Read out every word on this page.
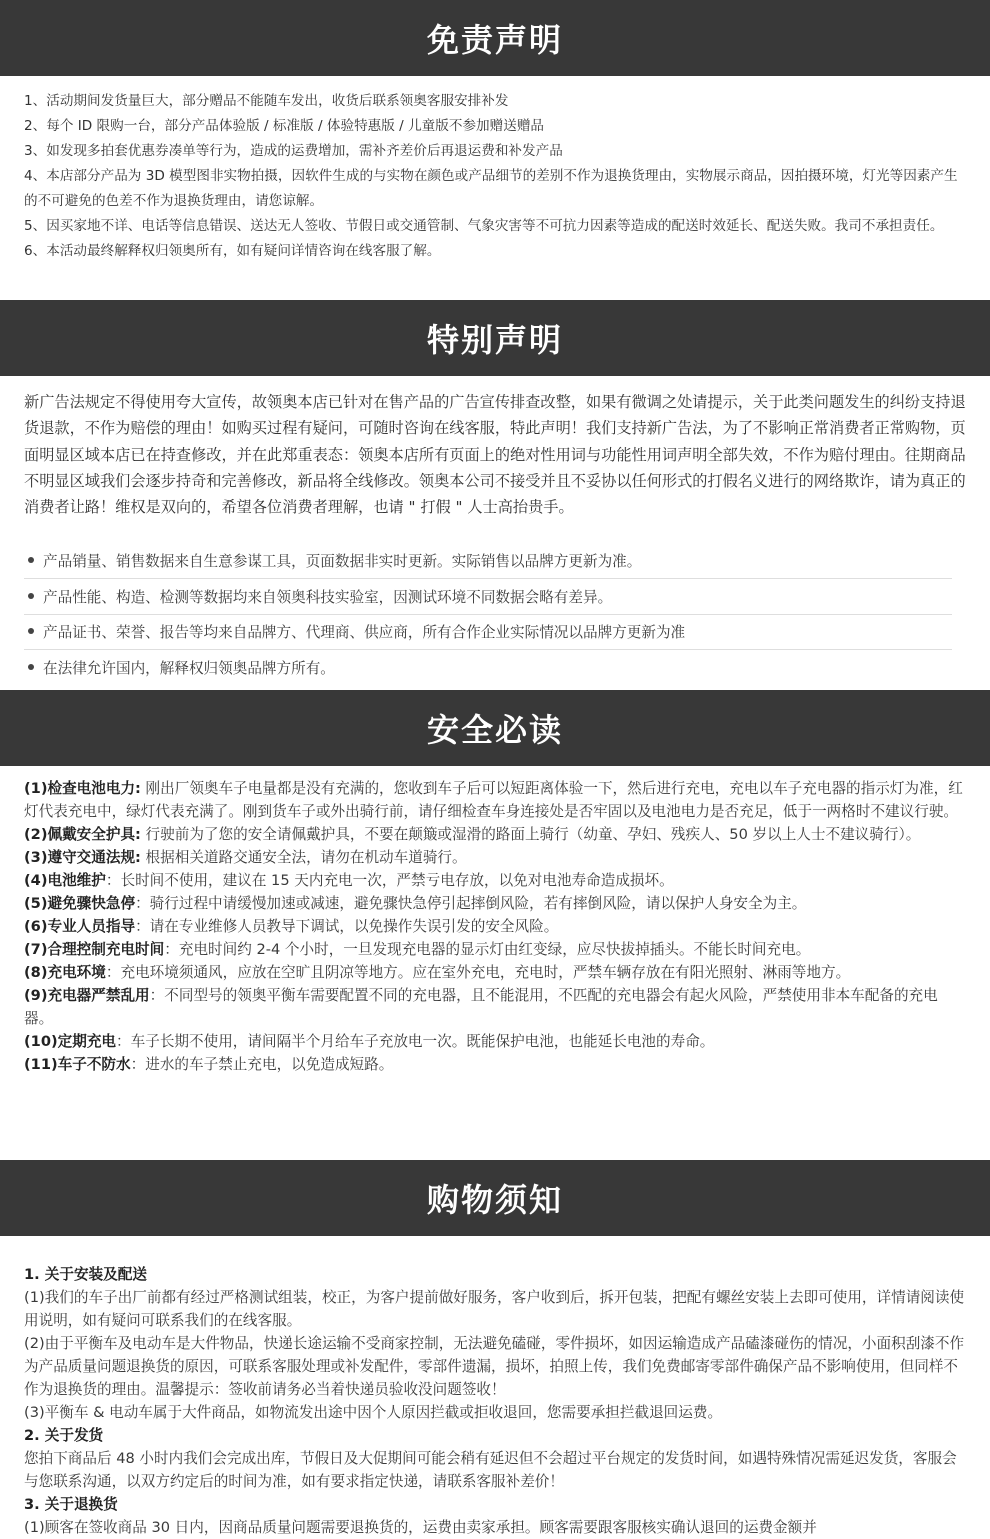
免责声明

1、活动期间发货量巨大，部分赠品不能随车发出，收货后联系领奥客服安排补发

2、每个 ID 限购一台，部分产品体验版 / 标准版 / 体验特惠版 / 儿童版不参加赠送赠品

3、如发现多拍套优惠券凑单等行为，造成的运费增加，需补齐差价后再退运费和补发产品

4、本店部分产品为 3D 模型图非实物拍摄，因软件生成的与实物在颜色或产品细节的差别不作为退换货理由，实物展示商品，因拍摄环境，灯光等因素产生的不可避免的色差不作为退换货理由，请您谅解。

5、因买家地不详、电话等信息错误、送达无人签收、节假日或交通管制、气象灾害等不可抗力因素等造成的配送时效延长、配送失败。我司不承担责任。

6、本活动最终解释权归领奥所有，如有疑问详情咨询在线客服了解。

特别声明

新广告法规定不得使用夸大宣传，故领奥本店已针对在售产品的广告宣传排查改整，如果有微调之处请提示，关于此类问题发生的纠纷支持退货退款，不作为赔偿的理由！如购买过程有疑问，可随时咨询在线客服，特此声明！我们支持新广告法，为了不影响正常消费者正常购物，页面明显区域本店已在持查修改，并在此郑重表态：领奥本店所有页面上的绝对性用词与功能性用词声明全部失效，不作为赔付理由。往期商品不明显区域我们会逐步持奇和完善修改，新品将全线修改。领奥本公司不接受并且不妥协以任何形式的打假名义进行的网络欺诈，请为真正的消费者让路！维权是双向的，希望各位消费者理解，也请 " 打假 " 人士高抬贵手。

产品销量、销售数据来自生意参谋工具，页面数据非实时更新。实际销售以品牌方更新为准。
产品性能、构造、检测等数据均来自领奥科技实验室，因测试环境不同数据会略有差异。
产品证书、荣誉、报告等均来自品牌方、代理商、供应商，所有合作企业实际情况以品牌方更新为准
在法律允许国内，解释权归领奥品牌方所有。
安全必读

(1)检查电池电力: 刚出厂领奥车子电量都是没有充满的，您收到车子后可以短距离体验一下，然后进行充电，充电以车子充电器的指示灯为准，红灯代表充电中，绿灯代表充满了。刚到货车子或外出骑行前，请仔细检查车身连接处是否牢固以及电池电力是否充足，低于一两格时不建议行驶。

(2)佩戴安全护具: 行驶前为了您的安全请佩戴护具，不要在颠簸或湿滑的路面上骑行（幼童、孕妇、残疾人、50 岁以上人士不建议骑行）。

(3)遵守交通法规: 根据相关道路交通安全法，请勿在机动车道骑行。

(4)电池维护：长时间不使用，建议在 15 天内充电一次，严禁亏电存放，以免对电池寿命造成损坏。

(5)避免骤快急停：骑行过程中请缓慢加速或减速，避免骤快急停引起摔倒风险，若有摔倒风险，请以保护人身安全为主。

(6)专业人员指导：请在专业维修人员教导下调试，以免操作失误引发的安全风险。

(7)合理控制充电时间：充电时间约 2-4 个小时，一旦发现充电器的显示灯由红变绿，应尽快拔掉插头。不能长时间充电。

(8)充电环境：充电环境须通风，应放在空旷且阴凉等地方。应在室外充电，充电时，严禁车辆存放在有阳光照射、淋雨等地方。

(9)充电器严禁乱用：不同型号的领奥平衡车需要配置不同的充电器，且不能混用，不匹配的充电器会有起火风险，严禁使用非本车配备的充电器。

(10)定期充电：车子长期不使用，请间隔半个月给车子充放电一次。既能保护电池，也能延长电池的寿命。

(11)车子不防水：进水的车子禁止充电，以免造成短路。

购物须知

1. 关于安装及配送

(1)我们的车子出厂前都有经过严格测试组装，校正，为客户提前做好服务，客户收到后，拆开包装，把配有螺丝安装上去即可使用，详情请阅读使用说明，如有疑问可联系我们的在线客服。

(2)由于平衡车及电动车是大件物品，快递长途运输不受商家控制，无法避免磕碰，零件损坏，如因运输造成产品磕漆碰伤的情况，小面积刮漆不作为产品质量问题退换货的原因，可联系客服处理或补发配件，零部件遗漏，损坏，拍照上传，我们免费邮寄零部件确保产品不影响使用，但同样不作为退换货的理由。温馨提示：签收前请务必当着快递员验收没问题签收！

(3)平衡车 & 电动车属于大件商品，如物流发出途中因个人原因拦截或拒收退回，您需要承担拦截退回运费。

2. 关于发货

您拍下商品后 48 小时内我们会完成出库，节假日及大促期间可能会稍有延迟但不会超过平台规定的发货时间，如遇特殊情况需延迟发货，客服会与您联系沟通，以双方约定后的时间为准，如有要求指定快递，请联系客服补差价！

3. 关于退换货

(1)顾客在签收商品 30 日内，因商品质量问题需要退换货的，运费由卖家承担。顾客需要跟客服核实确认退回的运费金额并
